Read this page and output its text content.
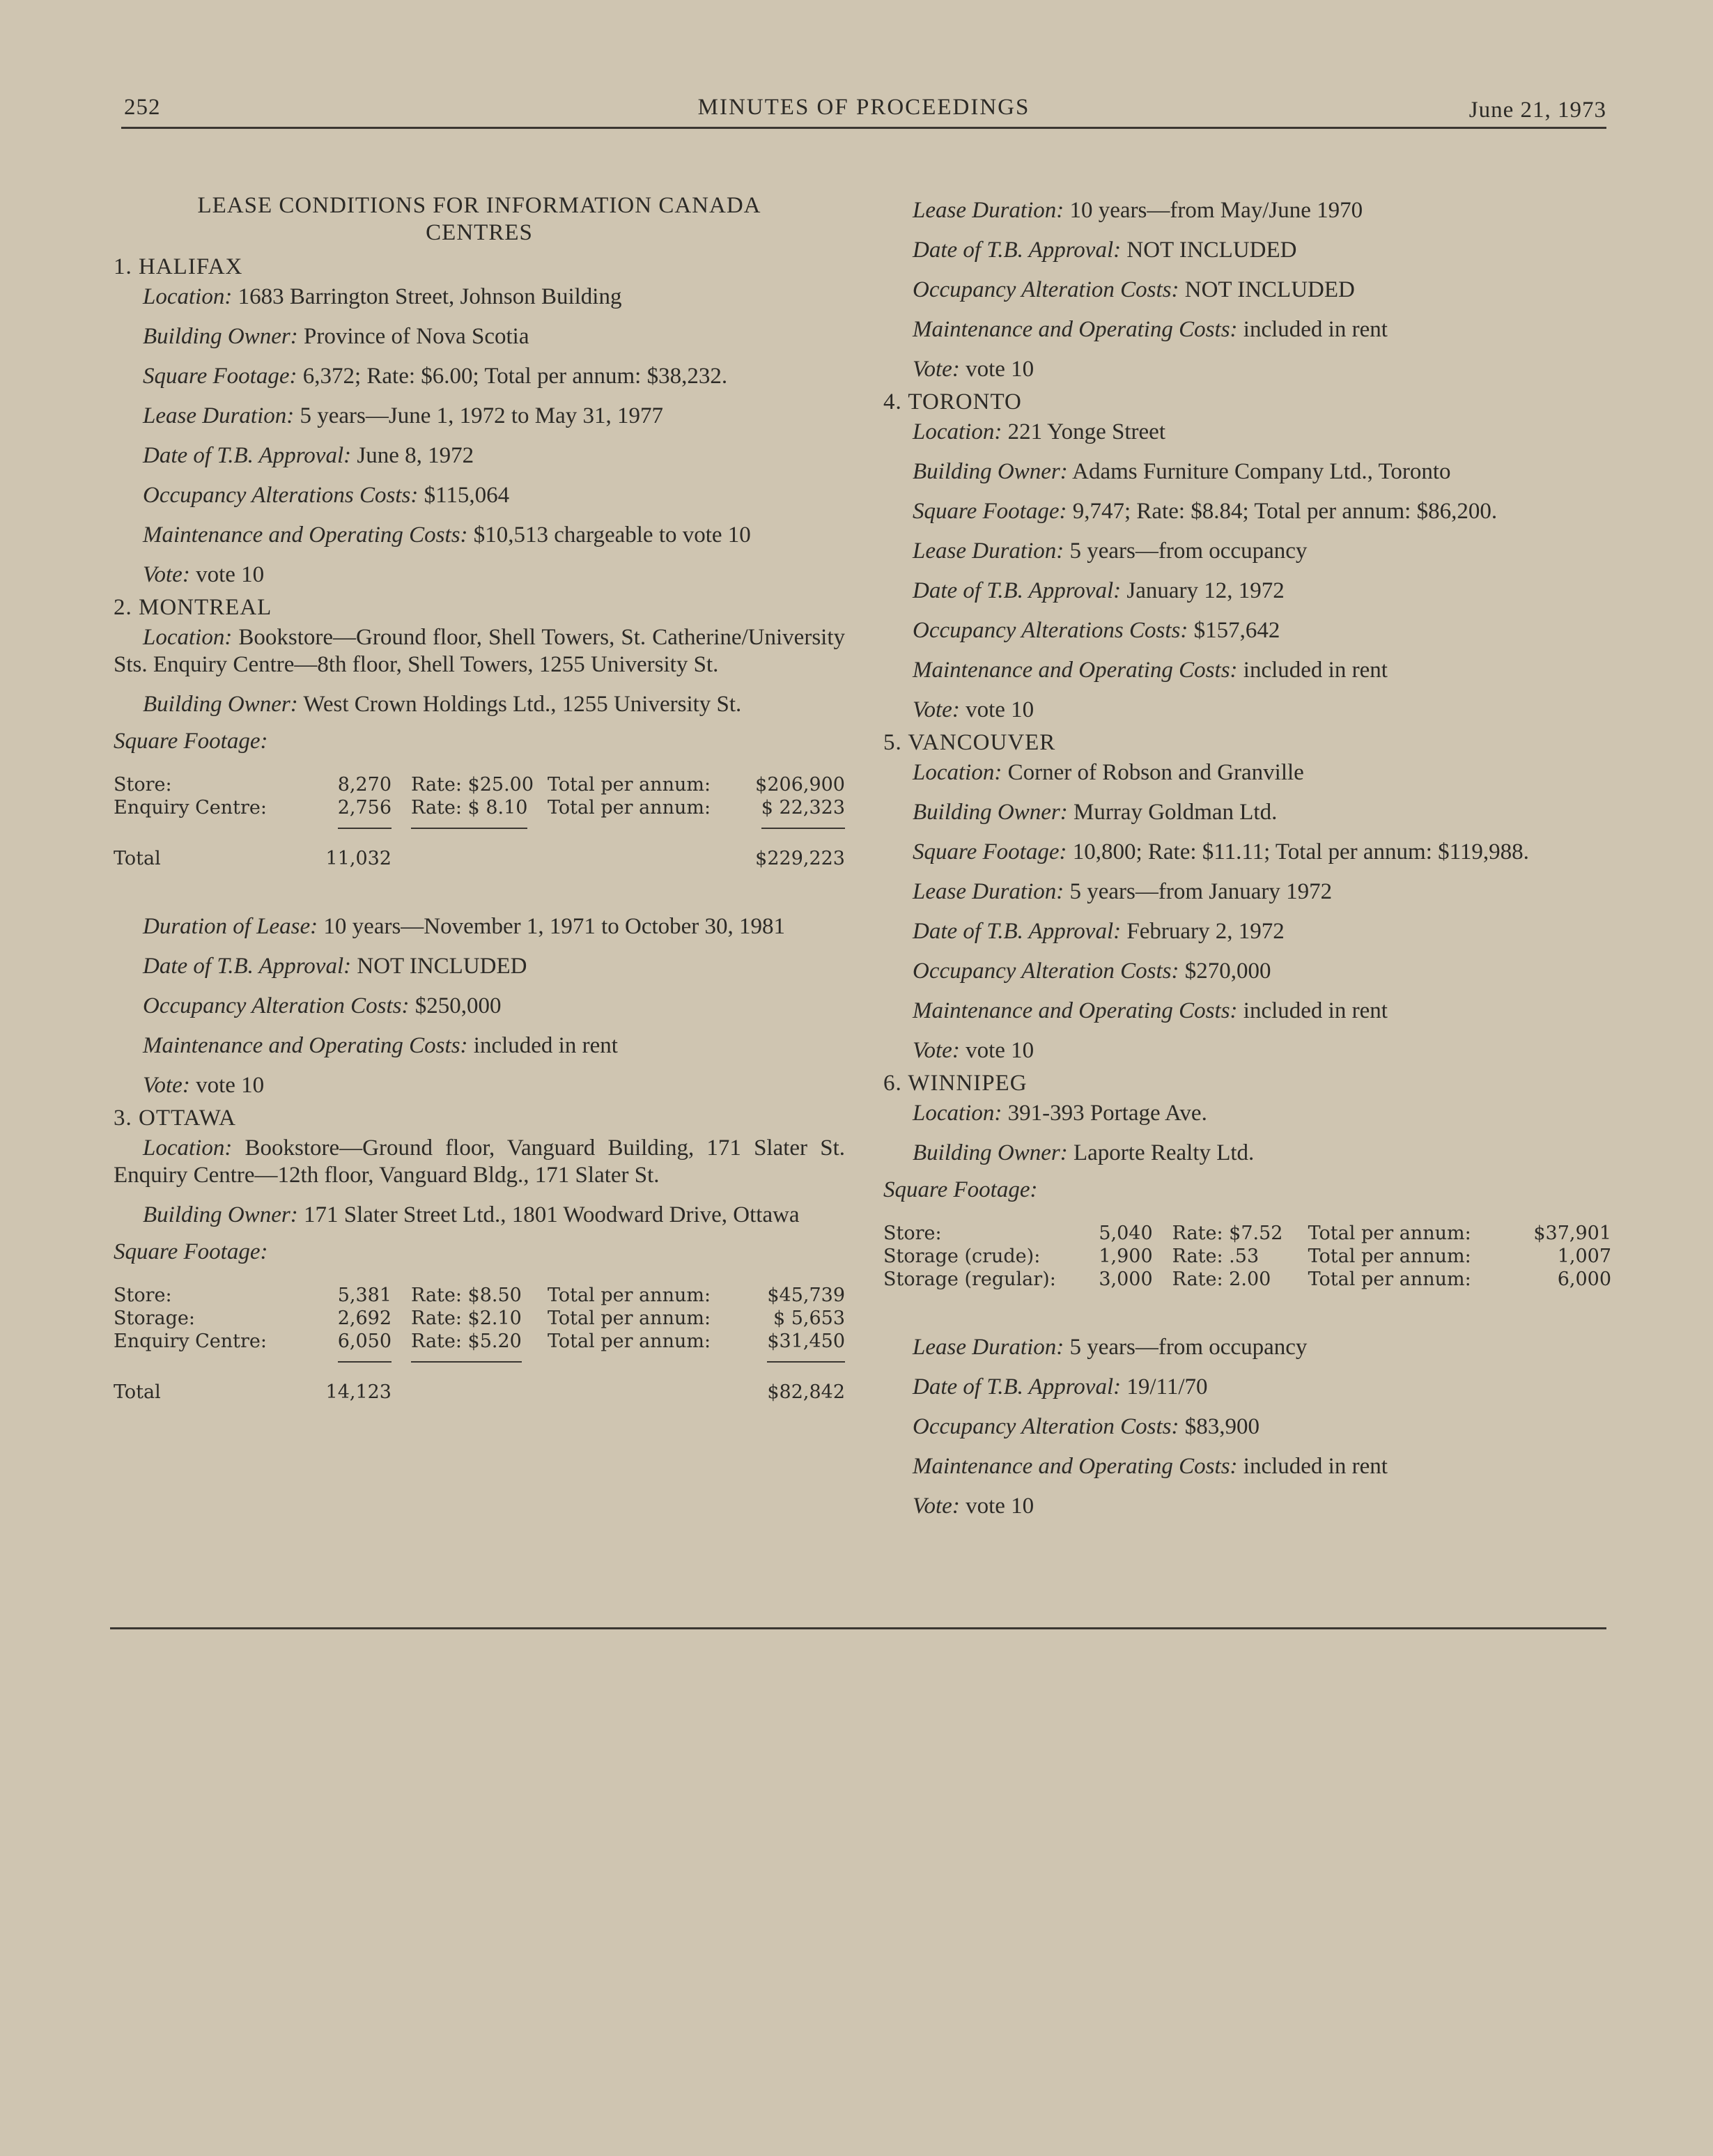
252	MINUTES OF PROCEEDINGS	June 21, 1973
LEASE CONDITIONS FOR INFORMATION CANADA
CENTRES
1. HALIFAX
Location: 1683 Barrington Street, Johnson Building
Building Owner: Province of Nova Scotia
Square Footage: 6,372; Rate: $6.00; Total per annum: $38,232.
Lease Duration: 5 years—June 1, 1972 to May 31, 1977
Date of T.B. Approval: June 8, 1972
Occupancy Alterations Costs: $115,064
Maintenance and Operating Costs: $10,513 chargeable to vote 10
Vote: vote 10
2. MONTREAL
Location: Bookstore—Ground floor, Shell Towers, St. Catherine/University Sts. Enquiry Centre—8th floor, Shell Towers, 1255 University St.
Building Owner: West Crown Holdings Ltd., 1255 University St.
Square Footage:
Store:	8,270	Rate: $25.00	Total per annum:	$206,900
Enquiry Centre:	2,756	Rate: $ 8.10	Total per annum:	$ 22,323
Total	11,032			$229,223
Duration of Lease: 10 years—November 1, 1971 to October 30, 1981
Date of T.B. Approval: NOT INCLUDED
Occupancy Alteration Costs: $250,000
Maintenance and Operating Costs: included in rent
Vote: vote 10
3. OTTAWA
Location: Bookstore—Ground floor, Vanguard Building, 171 Slater St. Enquiry Centre—12th floor, Vanguard Bldg., 171 Slater St.
Building Owner: 171 Slater Street Ltd., 1801 Woodward Drive, Ottawa
Square Footage:
Store:	5,381	Rate: $8.50	Total per annum:	$45,739
Storage:	2,692	Rate: $2.10	Total per annum:	$ 5,653
Enquiry Centre:	6,050	Rate: $5.20	Total per annum:	$31,450
Total	14,123			$82,842
Lease Duration: 10 years—from May/June 1970
Date of T.B. Approval: NOT INCLUDED
Occupancy Alteration Costs: NOT INCLUDED
Maintenance and Operating Costs: included in rent
Vote: vote 10
4. TORONTO
Location: 221 Yonge Street
Building Owner: Adams Furniture Company Ltd., Toronto
Square Footage: 9,747; Rate: $8.84; Total per annum: $86,200.
Lease Duration: 5 years—from occupancy
Date of T.B. Approval: January 12, 1972
Occupancy Alterations Costs: $157,642
Maintenance and Operating Costs: included in rent
Vote: vote 10
5. VANCOUVER
Location: Corner of Robson and Granville
Building Owner: Murray Goldman Ltd.
Square Footage: 10,800; Rate: $11.11; Total per annum: $119,988.
Lease Duration: 5 years—from January 1972
Date of T.B. Approval: February 2, 1972
Occupancy Alteration Costs: $270,000
Maintenance and Operating Costs: included in rent
Vote: vote 10
6. WINNIPEG
Location: 391-393 Portage Ave.
Building Owner: Laporte Realty Ltd.
Square Footage:
Store:	5,040	Rate: $7.52	Total per annum:	$37,901
Storage (crude):	1,900	Rate: .53	Total per annum:	1,007
Storage (regular):	3,000	Rate: 2.00	Total per annum:	6,000
Lease Duration: 5 years—from occupancy
Date of T.B. Approval: 19/11/70
Occupancy Alteration Costs: $83,900
Maintenance and Operating Costs: included in rent
Vote: vote 10
